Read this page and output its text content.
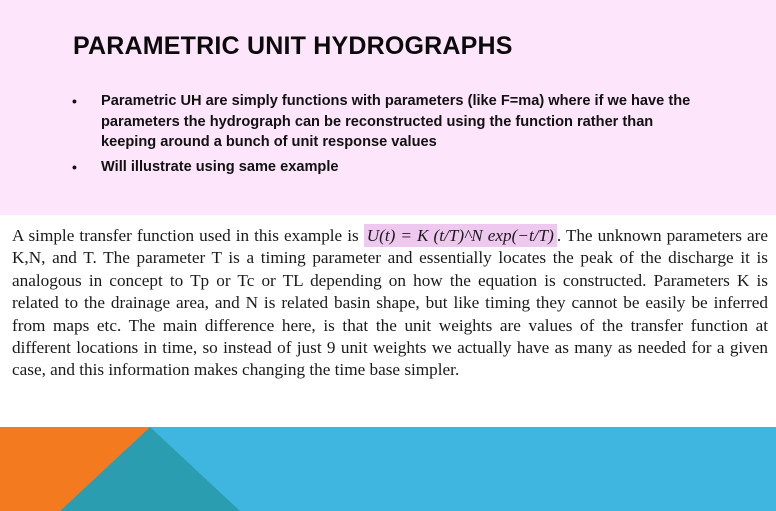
PARAMETRIC UNIT HYDROGRAPHS
• Parametric UH are simply functions with parameters (like F=ma) where if we have the parameters the hydrograph can be reconstructed using the function rather than keeping around a bunch of unit response values
• Will illustrate using same example

A simple transfer function used in this example is U(t) = K (t/T)^N exp(−t/T) . The unknown parameters are K,N, and T. The parameter T is a timing parameter and essentially locates the peak of the discharge it is analogous in concept to Tp or Tc or TL depending on how the equation is constructed. Parameters K is related to the drainage area, and N is related basin shape, but like timing they cannot be easily be inferred from maps etc. The main difference here, is that the unit weights are values of the transfer function at different locations in time, so instead of just 9 unit weights we actually have as many as needed for a given case, and this information makes changing the time base simpler.
